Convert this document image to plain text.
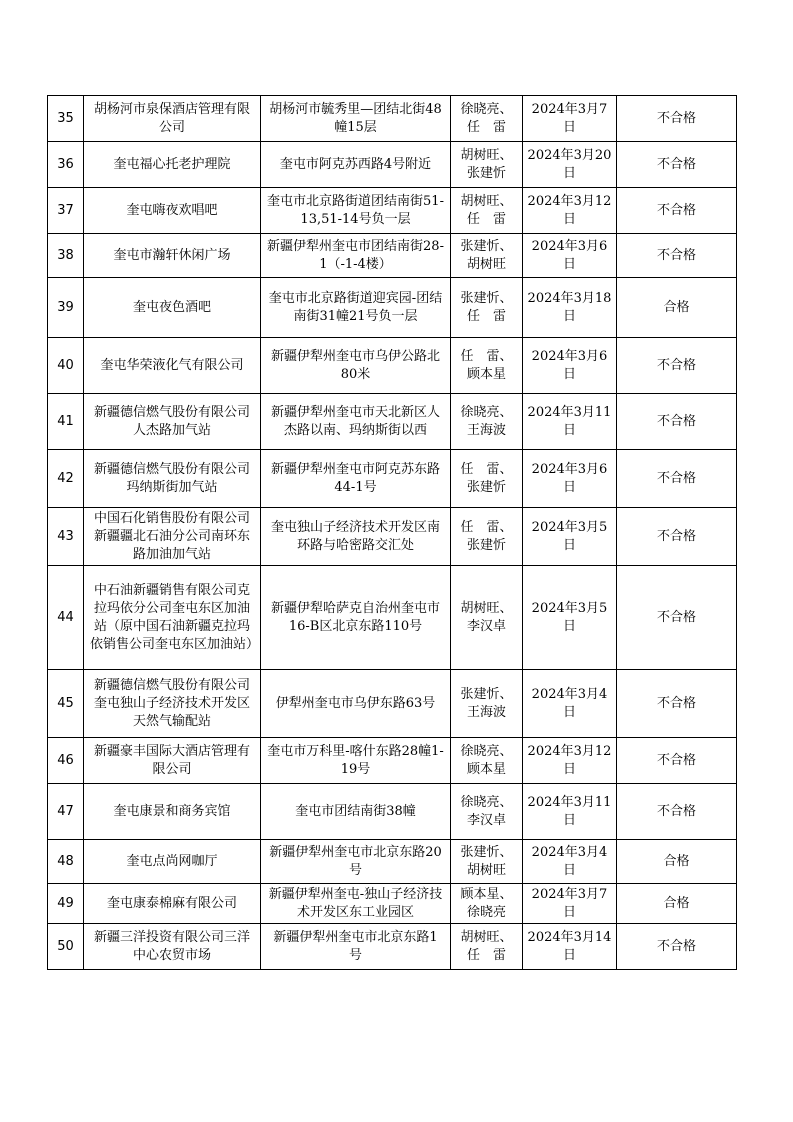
35	胡杨河市泉保酒店管理有限公司	胡杨河市毓秀里—团结北街48幢15层	徐晓亮、任　雷	2024年3月7日	不合格
36	奎屯福心托老护理院	奎屯市阿克苏西路4号附近	胡树旺、张建忻	2024年3月20日	不合格
37	奎屯嗨夜欢唱吧	奎屯市北京路街道团结南街51-13,51-14号负一层	胡树旺、任　雷	2024年3月12日	不合格
38	奎屯市瀚轩休闲广场	新疆伊犁州奎屯市团结南街28-1（-1-4楼）	张建忻、胡树旺	2024年3月6日	不合格
39	奎屯夜色酒吧	奎屯市北京路街道迎宾园-团结南街31幢21号负一层	张建忻、任　雷	2024年3月18日	合格
40	奎屯华荣液化气有限公司	新疆伊犁州奎屯市乌伊公路北80米	任　雷、顾本星	2024年3月6日	不合格
41	新疆德信燃气股份有限公司人杰路加气站	新疆伊犁州奎屯市天北新区人杰路以南、玛纳斯街以西	徐晓亮、王海波	2024年3月11日	不合格
42	新疆德信燃气股份有限公司玛纳斯街加气站	新疆伊犁州奎屯市阿克苏东路44-1号	任　雷、张建忻	2024年3月6日	不合格
43	中国石化销售股份有限公司新疆疆北石油分公司南环东路加油加气站	奎屯独山子经济技术开发区南环路与哈密路交汇处	任　雷、张建忻	2024年3月5日	不合格
44	中石油新疆销售有限公司克拉玛依分公司奎屯东区加油站（原中国石油新疆克拉玛依销售公司奎屯东区加油站）	新疆伊犁哈萨克自治州奎屯市16-B区北京东路110号	胡树旺、李汉卓	2024年3月5日	不合格
45	新疆德信燃气股份有限公司奎屯独山子经济技术开发区天然气输配站	伊犁州奎屯市乌伊东路63号	张建忻、王海波	2024年3月4日	不合格
46	新疆豪丰国际大酒店管理有限公司	奎屯市万科里-喀什东路28幢1-19号	徐晓亮、顾本星	2024年3月12日	不合格
47	奎屯康景和商务宾馆	奎屯市团结南街38幢	徐晓亮、李汉卓	2024年3月11日	不合格
48	奎屯点尚网咖厅	新疆伊犁州奎屯市北京东路20号	张建忻、胡树旺	2024年3月4日	合格
49	奎屯康泰棉麻有限公司	新疆伊犁州奎屯-独山子经济技术开发区东工业园区	顾本星、徐晓亮	2024年3月7日	合格
50	新疆三洋投资有限公司三洋中心农贸市场	新疆伊犁州奎屯市北京东路1号	胡树旺、任　雷	2024年3月14日	不合格
